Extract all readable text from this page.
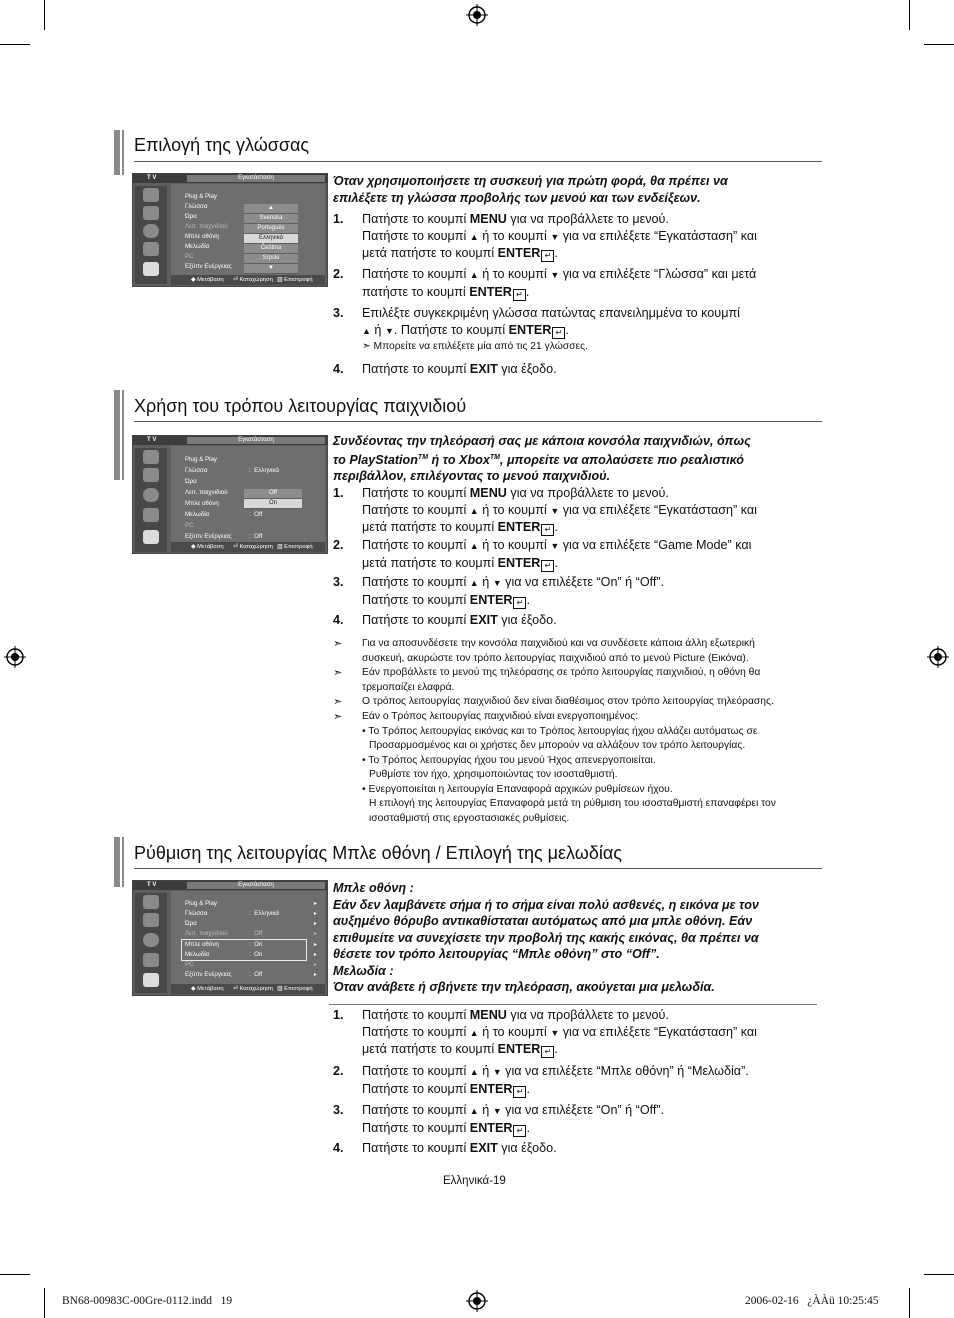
Επιλογή της γλώσσας
T V	Εγκατάσταση
Plug & Play
Γλώσσα
Ώρα
Λειτ. παιχνιδιού
Μπλε οθόνη
Μελωδία
PC
Εξύπν Ενέργειας
▲
Svenska
Português
Ελληνικά
Čeština
Srpski
▼
◆ Μετάβαση ⏎ Καταχώρηση ▥ Επιστροφή
Όταν χρησιμοποιήσετε τη συσκευή για πρώτη φορά, θα πρέπει να
επιλέξετε τη γλώσσα προβολής των μενού και των ενδείξεων.
1. Πατήστε το κουμπί MENU για να προβάλλετε το μενού.
Πατήστε το κουμπί ▲ ή το κουμπί ▼ για να επιλέξετε “Εγκατάσταση” και
μετά πατήστε το κουμπί ENTER ↵ .
2. Πατήστε το κουμπί ▲ ή το κουμπί ▼ για να επιλέξετε “Γλώσσα” και μετά
πατήστε το κουμπί ENTER ↵ .
3. Επιλέξτε συγκεκριμένη γλώσσα πατώντας επανειλημμένα το κουμπί
▲ ή ▼. Πατήστε το κουμπί ENTER ↵ .
➣ Μπορείτε να επιλέξετε μία από τις 21 γλώσσες.
4. Πατήστε το κουμπί EXIT για έξοδο.
Χρήση του τρόπου λειτουργίας παιχνιδιού
T V	Εγκατάσταση
Plug & Play
Γλώσσα	:  Ελληνικά
Ώρα
Λειτ. παιχνιδιού
Μπλε οθόνη
Μελωδία	:  Off
PC
Εξύπν Ενέργειας	:  Off
Off
On
◆ Μετάβαση ⏎ Καταχώρηση ▥ Επιστροφή
Συνδέοντας την τηλεόρασή σας με κάποια κονσόλα παιχνιδιών, όπως
το PlayStation™ ή το Xbox™, μπορείτε να απολαύσετε πιο ρεαλιστικό
περιβάλλον, επιλέγοντας το μενού παιχνιδιού.
1. Πατήστε το κουμπί MENU για να προβάλλετε το μενού.
Πατήστε το κουμπί ▲ ή το κουμπί ▼ για να επιλέξετε “Εγκατάσταση” και
μετά πατήστε το κουμπί ENTER ↵ .
2. Πατήστε το κουμπί ▲ ή το κουμπί ▼ για να επιλέξετε “Game Mode” και
μετά πατήστε το κουμπί ENTER ↵ .
3. Πατήστε το κουμπί ▲ ή ▼ για να επιλέξετε “On” ή “Off”.
Πατήστε το κουμπί ENTER ↵ .
4. Πατήστε το κουμπί EXIT για έξοδο.
➣ Για να αποσυνδέσετε την κονσόλα παιχνιδιού και να συνδέσετε κάποια άλλη εξωτερική
συσκευή, ακυρώστε τον τρόπο λειτουργίας παιχνιδιού από το μενού Picture (Εικόνα).
➣ Εάν προβάλλετε το μενού της τηλεόρασης σε τρόπο λειτουργίας παιχνιδιού, η οθόνη θα
τρεμοπαίζει ελαφρά.
➣ Ο τρόπος λειτουργίας παιχνιδιού δεν είναι διαθέσιμος στον τρόπο λειτουργίας τηλεόρασης.
➣ Εάν ο Τρόπος λειτουργίας παιχνιδιού είναι ενεργοποιημένος:
• Το Τρόπος λειτουργίας εικόνας και το Τρόπος λειτουργίας ήχου αλλάζει αυτόματως σε
Προσαρμοσμένος και οι χρήστες δεν μπορούν να αλλάξουν τον τρόπο λειτουργίας.
• Το Τρόπος λειτουργίας ήχου του μενού Ήχος απενεργοποιείται.
Ρυθμίστε τον ήχο, χρησιμοποιώντας τον ισοσταθμιστή.
• Ενεργοποιείται η λειτουργία Επαναφορά αρχικών ρυθμίσεων ήχου.
Η επιλογή της λειτουργίας Επαναφορά μετά τη ρύθμιση του ισοσταθμιστή επαναφέρει τον
ισοσταθμιστή στις εργοστασιακές ρυθμίσεις.
Ρύθμιση της λειτουργίας Μπλε οθόνη / Επιλογή της μελωδίας
T V	Εγκατάσταση
Plug & Play	▸
Γλώσσα	:  Ελληνικά	▸
Ώρα	▸
Λειτ. παιχνιδιού	:  Off	▸
Μπλε οθόνη	:  On	▸
Μελωδία	:  On	▸
PC	▸
Εξύπν Ενέργειας	:  Off	▸
◆ Μετάβαση ⏎ Καταχώρηση ▥ Επιστροφή
Μπλε οθόνη :
Εάν δεν λαμβάνετε σήμα ή το σήμα είναι πολύ ασθενές, η εικόνα με τον
αυξημένο θόρυβο αντικαθίσταται αυτόματως από μια μπλε οθόνη. Εάν
επιθυμείτε να συνεχίσετε την προβολή της κακής εικόνας, θα πρέπει να
θέσετε τον τρόπο λειτουργίας “Μπλε οθόνη” στο “Off”.
Μελωδία :
Όταν ανάβετε ή σβήνετε την τηλεόραση, ακούγεται μια μελωδία.
1. Πατήστε το κουμπί MENU για να προβάλλετε το μενού.
Πατήστε το κουμπί ▲ ή το κουμπί ▼ για να επιλέξετε “Εγκατάσταση” και
μετά πατήστε το κουμπί ENTER ↵ .
2. Πατήστε το κουμπί ▲ ή ▼ για να επιλέξετε “Μπλε οθόνη” ή “Μελωδία”.
Πατήστε το κουμπί ENTER ↵ .
3. Πατήστε το κουμπί ▲ ή ▼ για να επιλέξετε “On” ή “Off”.
Πατήστε το κουμπί ENTER ↵ .
4. Πατήστε το κουμπί EXIT για έξοδο.
Ελληνικά-19
BN68-00983C-00Gre-0112.indd   19	2006-02-16   ¿ÀÀü 10:25:45
